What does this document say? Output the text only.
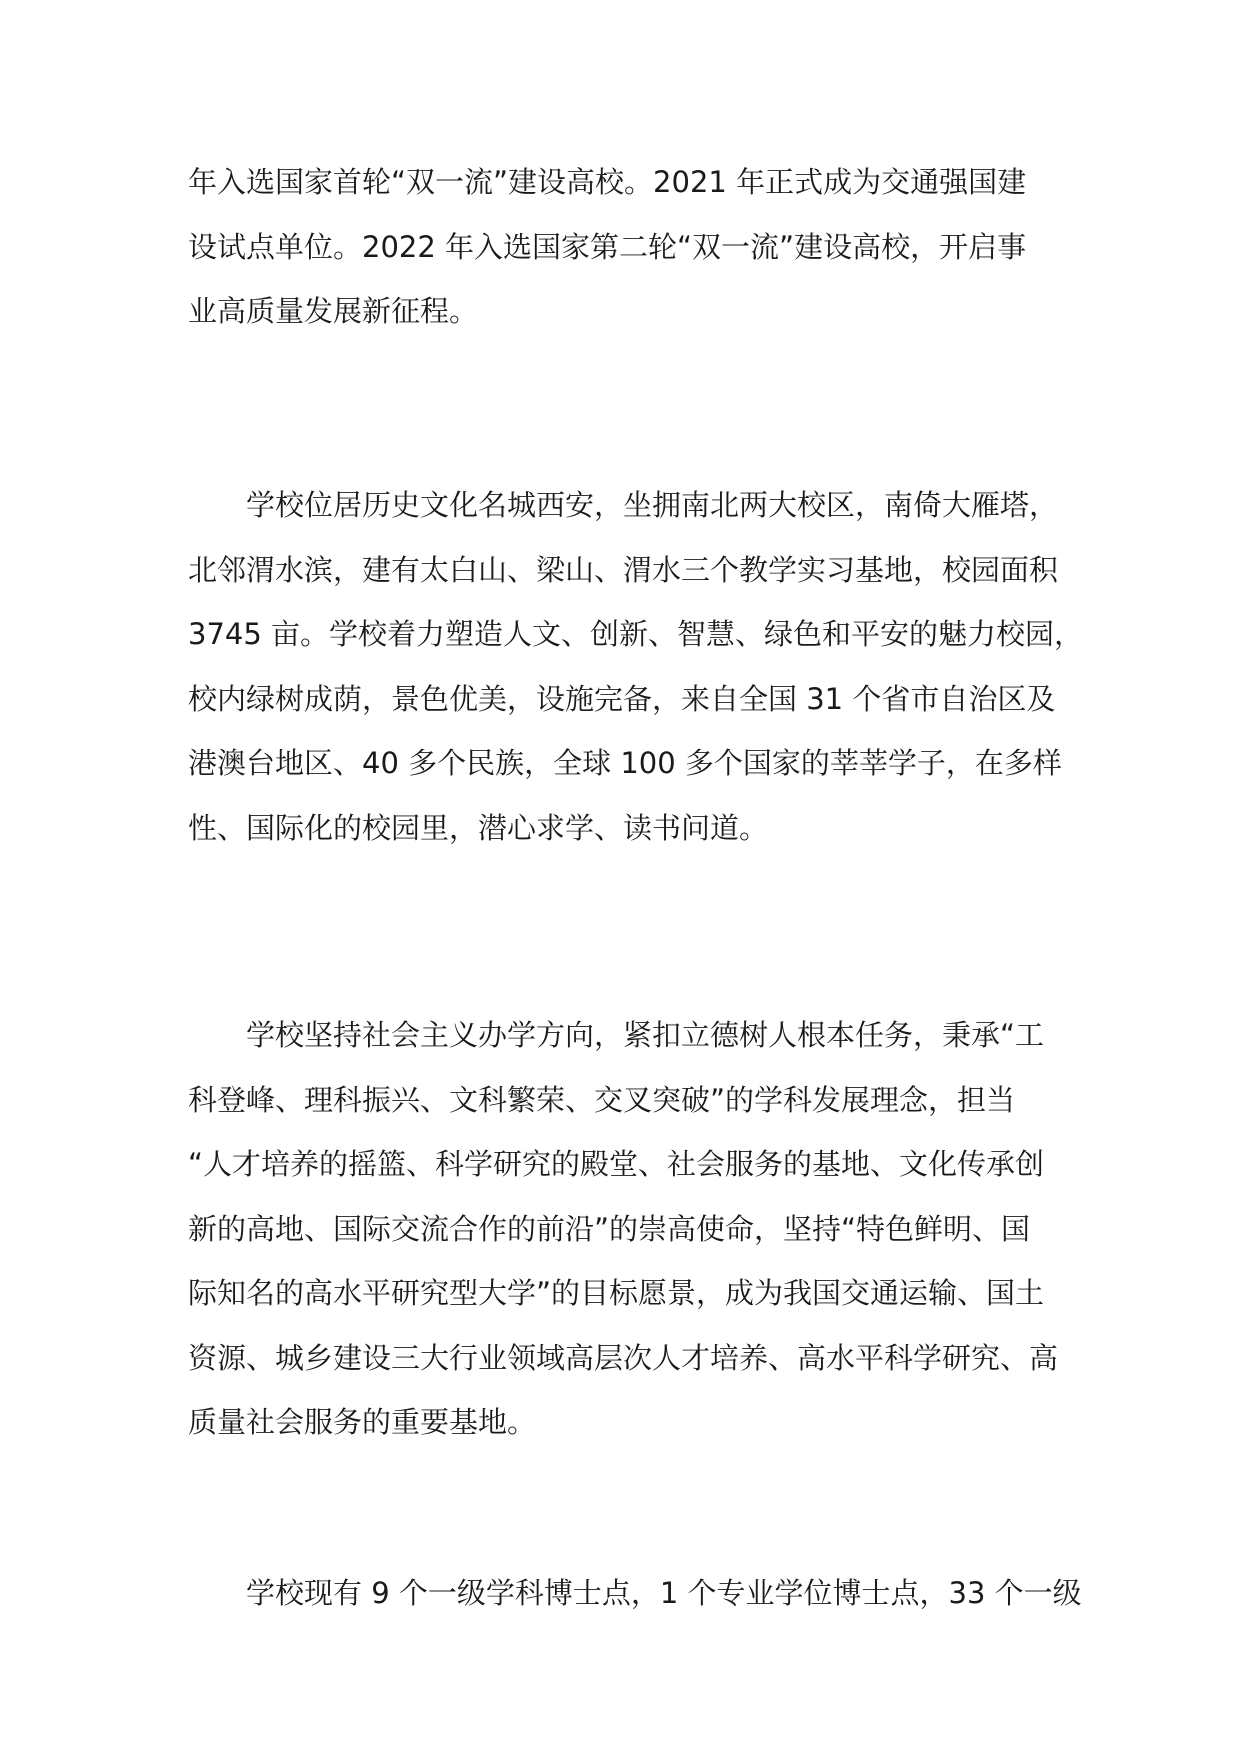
年入选国家首轮“双一流”建设高校。2021 年正式成为交通强国建
设试点单位。2022 年入选国家第二轮“双一流”建设高校，开启事
业高质量发展新征程。
学校位居历史文化名城西安，坐拥南北两大校区，南倚大雁塔，
北邻渭水滨，建有太白山、梁山、渭水三个教学实习基地，校园面积
3745 亩。学校着力塑造人文、创新、智慧、绿色和平安的魅力校园，
校内绿树成荫，景色优美，设施完备，来自全国 31 个省市自治区及
港澳台地区、40 多个民族，全球 100 多个国家的莘莘学子，在多样
性、国际化的校园里，潜心求学、读书问道。
学校坚持社会主义办学方向，紧扣立德树人根本任务，秉承“工
科登峰、理科振兴、文科繁荣、交叉突破”的学科发展理念，担当
“人才培养的摇篮、科学研究的殿堂、社会服务的基地、文化传承创
新的高地、国际交流合作的前沿”的崇高使命，坚持“特色鲜明、国
际知名的高水平研究型大学”的目标愿景，成为我国交通运输、国土
资源、城乡建设三大行业领域高层次人才培养、高水平科学研究、高
质量社会服务的重要基地。
学校现有 9 个一级学科博士点，1 个专业学位博士点，33 个一级
